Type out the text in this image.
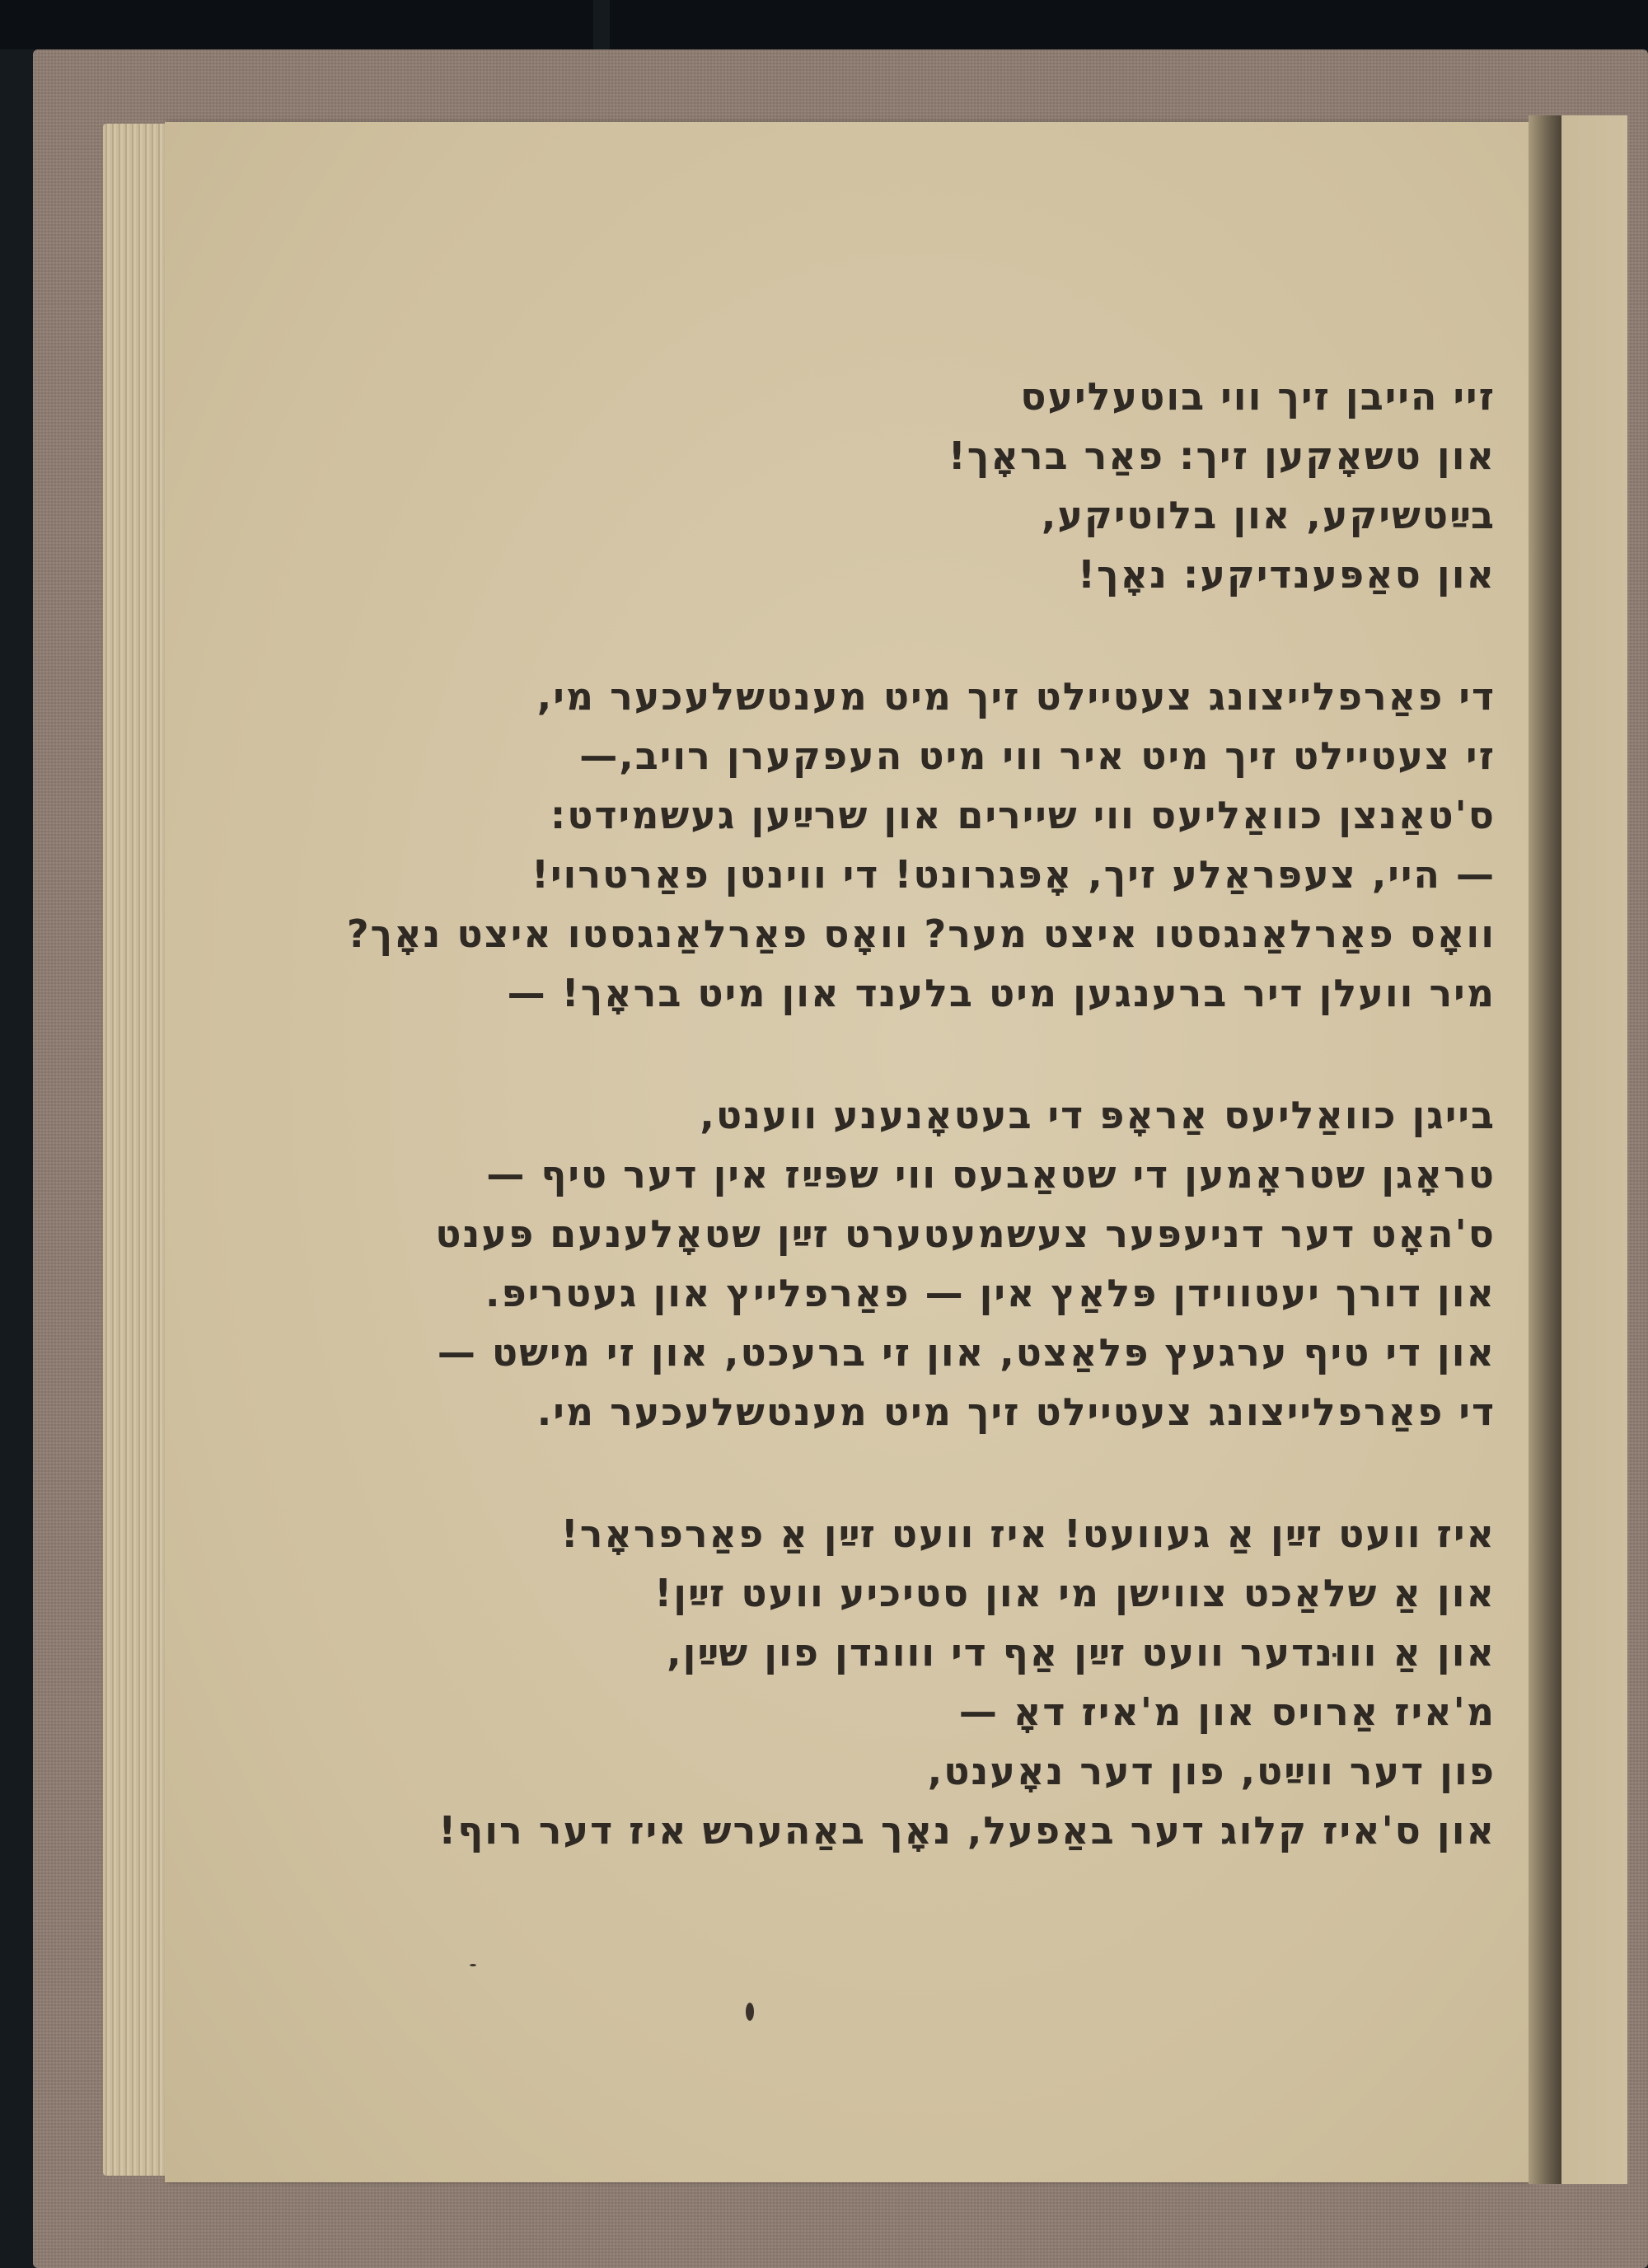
זיי הייבן זיך ווי בוטעליעס
און טשאָקען זיך: פאַר בראָך!
בײַטשיקע, און בלוטיקע,
און סאַפּענדיקע: נאָך!
די פאַרפלייצונג צעטיילט זיך מיט מענטשלעכער מי,
זי צעטיילט זיך מיט איר ווי מיט העפקערן רויב,—
ס'טאַנצן כוואַליעס ווי שיירים און שרײַען געשמידט:
— היי, צעפּראַלע זיך, אָפּגרונט! די ווינטן פאַרטרוי!
וואָס פאַרלאַנגסטו איצט מער? וואָס פאַרלאַנגסטו איצט נאָך?
מיר וועלן דיר ברענגען מיט בלענד און מיט בראָך! —
בייגן כוואַליעס אַראָפּ די בעטאָנענע ווענט,
טראָגן שטראָמען די שטאַבעס ווי שפּײַז אין דער טיף —
ס'האָט דער דניעפּער צעשמעטערט זײַן שטאָלענעם פּענט
און דורך יעטווידן פּלאַץ אין — פאַרפלייץ און געטריפּ.
און די טיף ערגעץ פּלאַצט, און זי ברעכט, און זי מישט —
די פאַרפלייצונג צעטיילט זיך מיט מענטשלעכער מי.
איז וועט זײַן אַ געוועט! איז וועט זײַן אַ פאַרפראָר!
און אַ שלאַכט צווישן מי און סטיכיע וועט זײַן!
און אַ וווּנדער וועט זײַן אַף די ווונדן פון שײַן,
מ'איז אַרויס און מ'איז דאָ —
פון דער ווײַט, פון דער נאָענט,
און ס'איז קלוג דער באַפעל, נאָך באַהערש איז דער רוף!
